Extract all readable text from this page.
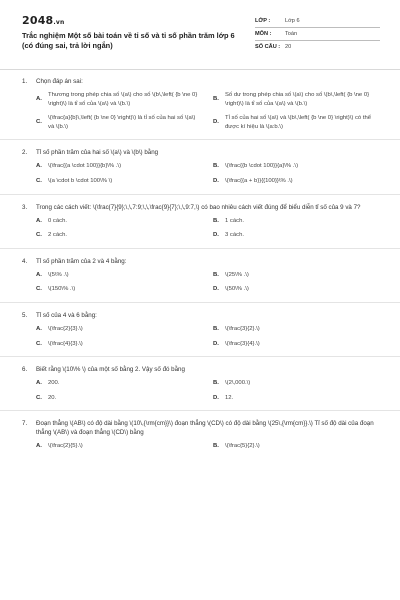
2048.vn
Trắc nghiệm Một số bài toán về tỉ số và tỉ số phần trăm lớp 6 (có đúng sai, trả lời ngắn)
LỚP :	Lớp 6
MÔN :	Toán
SỐ CÂU : 20
1.	Chọn đáp án sai:
A.
Thương trong phép chia số \(a\) cho số \(b\,\left( {b \ne 0} \right)\) là tỉ số của \(a\) và \(b.\)
B.
Số dư trong phép chia số \(a\) cho số \(b\,\left( {b \ne 0} \right)\) là tỉ số của \(a\) và \(b.\)
C.
\(\frac{a}{b}\,\left( {b \ne 0} \right)\) là tỉ số của hai số \(a\) và \(b.\)
D.
Tỉ số của hai số \(a\) và \(b\,\left( {b \ne 0} \right)\) có thể được kí hiệu là \(a:b.\)
2.	Tỉ số phần trăm của hai số \(a\) và \(b\) bằng
A.	\(\frac{{a \cdot 100}}{b}\% .\)	B.	\(\frac{{b \cdot 100}}{a}\% .\)
C.	\(a \cdot b \cdot 100\% \)	D.	\(\frac{{a + b}}{{100}}\% .\)
3.	Trong các cách viết: \(\frac{7}{9};\,\,7:9;\,\,\frac{9}{7};\,\,9:7,\) có bao nhiêu cách viết đúng để biểu diễn tỉ số của 9 và 7?
A.	0 cách.	B.	1 cách.
C.	2 cách.	D.	3 cách.
4.	Tỉ số phần trăm của 2 và 4 bằng:
A.	\(5\% .\)	B.	\(25\% .\)
C.	\(150\% .\)	D.	\(50\% .\)
5.	Tỉ số của 4 và 6 bằng:
A.	\(\frac{2}{3}.\)	B.	\(\frac{3}{2}.\)
C.	\(\frac{4}{3}.\)	D.	\(\frac{3}{4}.\)
6.	Biết rằng \(10\% \) của một số bằng 2. Vậy số đó bằng
A.	200.	B.	\(2\,000.\)
C.	20.	D.	12.
7.	Đoạn thẳng \(AB\) có độ dài bằng \(10\,{\rm{cm}}\) đoạn thẳng \(CD\) có độ dài bằng \(25\,{\rm{cm}}.\) Tỉ số độ dài của đoạn thẳng \(AB\) và đoạn thẳng \(CD\) bằng
A.	\(\frac{2}{5}.\)	B.	\(\frac{5}{2}.\)
